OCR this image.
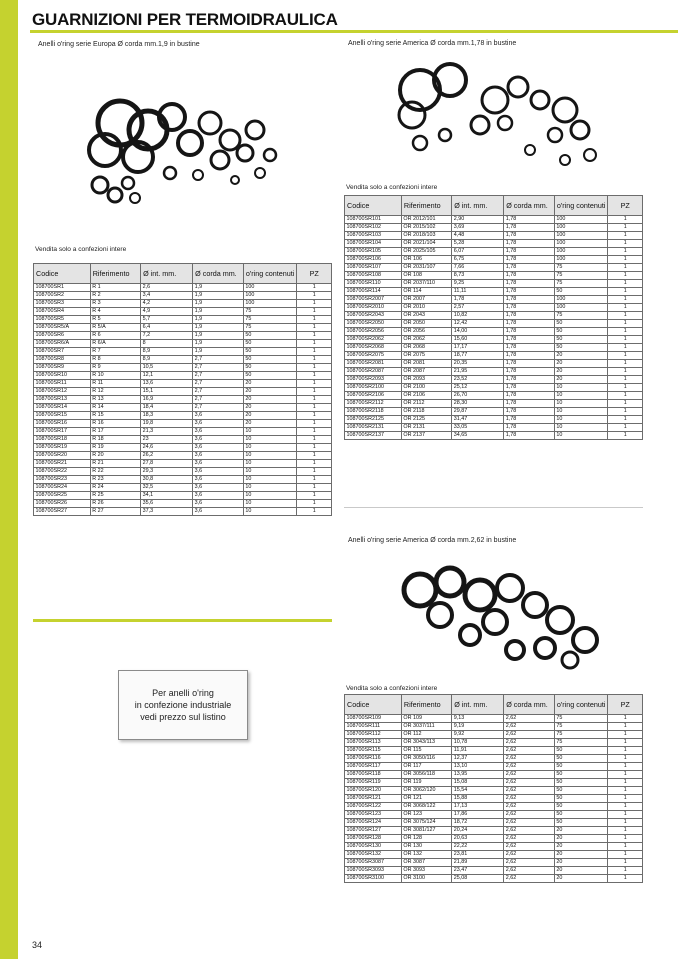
GUARNIZIONI PER TERMOIDRAULICA
Anelli o'ring serie Europa Ø corda mm.1,9 in bustine
Vendita solo a confezioni intere
Codice	Riferimento	Ø int. mm.	Ø corda mm.	o'ring contenuti	PZ
108700SR1	R 1	2,6	1,9	100	1
108700SR2	R 2	3,4	1,9	100	1
108700SR3	R 3	4,2	1,9	100	1
108700SR4	R 4	4,9	1,9	75	1
108700SR5	R 5	5,7	1,9	75	1
108700SR5/A	R 5/A	6,4	1,9	75	1
108700SR6	R 6	7,2	1,9	50	1
108700SR6/A	R 6/A	8	1,9	50	1
108700SR7	R 7	8,9	1,9	50	1
108700SR8	R 8	8,9	2,7	50	1
108700SR9	R 9	10,5	2,7	50	1
108700SR10	R 10	12,1	2,7	50	1
108700SR11	R 11	13,6	2,7	20	1
108700SR12	R 12	15,1	2,7	20	1
108700SR13	R 13	16,9	2,7	20	1
108700SR14	R 14	18,4	2,7	20	1
108700SR15	R 15	18,3	3,6	20	1
108700SR16	R 16	19,8	3,6	20	1
108700SR17	R 17	21,3	3,6	10	1
108700SR18	R 18	23	3,6	10	1
108700SR19	R 19	24,6	3,6	10	1
108700SR20	R 20	26,2	3,6	10	1
108700SR21	R 21	27,8	3,6	10	1
108700SR22	R 22	29,3	3,6	10	1
108700SR23	R 23	30,8	3,6	10	1
108700SR24	R 24	32,5	3,6	10	1
108700SR25	R 25	34,1	3,6	10	1
108700SR26	R 26	35,6	3,6	10	1
108700SR27	R 27	37,3	3,6	10	1
Per anelli o'ring
in confezione industriale
vedi prezzo sul listino
Anelli o'ring serie America Ø corda mm.1,78 in bustine
Vendita solo a confezioni intere
Codice	Riferimento	Ø int. mm.	Ø corda mm.	o'ring contenuti	PZ
108700SR101	OR 2012/101	2,90	1,78	100	1
108700SR102	OR 2015/102	3,69	1,78	100	1
108700SR103	OR 2018/103	4,48	1,78	100	1
108700SR104	OR 2021/104	5,28	1,78	100	1
108700SR105	OR 2025/105	6,07	1,78	100	1
108700SR106	OR 106	6,75	1,78	100	1
108700SR107	OR 2031/107	7,66	1,78	75	1
108700SR108	OR 108	8,73	1,78	75	1
108700SR110	OR 2037/110	9,25	1,78	75	1
108700SR114	OR 114	11,11	1,78	50	1
108700SR2007	OR 2007	1,78	1,78	100	1
108700SR2010	OR 2010	2,57	1,78	100	1
108700SR2043	OR 2043	10,82	1,78	75	1
108700SR2050	OR 2050	12,42	1,78	50	1
108700SR2056	OR 2056	14,00	1,78	50	1
108700SR2062	OR 2062	15,60	1,78	50	1
108700SR2068	OR 2068	17,17	1,78	50	1
108700SR2075	OR 2075	18,77	1,78	20	1
108700SR2081	OR 2081	20,35	1,78	20	1
108700SR2087	OR 2087	21,95	1,78	20	1
108700SR2093	OR 2093	23,52	1,78	20	1
108700SR2100	OR 2100	25,12	1,78	10	1
108700SR2106	OR 2106	26,70	1,78	10	1
108700SR2112	OR 2112	28,30	1,78	10	1
108700SR2118	OR 2118	29,87	1,78	10	1
108700SR2125	OR 2125	31,47	1,78	10	1
108700SR2131	OR 2131	33,05	1,78	10	1
108700SR2137	OR 2137	34,65	1,78	10	1
Anelli o'ring serie America Ø corda mm.2,62 in bustine
Vendita solo a confezioni intere
Codice	Riferimento	Ø int. mm.	Ø corda mm.	o'ring contenuti	PZ
108700SR109	OR 109	9,13	2,62	75	1
108700SR111	OR 3037/111	9,19	2,62	75	1
108700SR112	OR 112	9,92	2,62	75	1
108700SR113	OR 3043/113	10,78	2,62	75	1
108700SR115	OR 115	11,91	2,62	50	1
108700SR116	OR 3050/116	12,37	2,62	50	1
108700SR117	OR 117	13,10	2,62	50	1
108700SR118	OR 3056/118	13,95	2,62	50	1
108700SR119	OR 119	15,08	2,62	50	1
108700SR120	OR 3062/120	15,54	2,62	50	1
108700SR121	OR 121	15,88	2,62	50	1
108700SR122	OR 3068/122	17,13	2,62	50	1
108700SR123	OR 123	17,86	2,62	50	1
108700SR124	OR 3075/124	18,72	2,62	50	1
108700SR127	OR 3081/127	20,24	2,62	20	1
108700SR128	OR 128	20,63	2,62	20	1
108700SR130	OR 130	22,22	2,62	20	1
108700SR132	OR 132	23,81	2,62	20	1
108700SR3087	OR 3087	21,89	2,62	20	1
108700SR3093	OR 3093	23,47	2,62	20	1
108700SR3100	OR 3100	25,08	2,62	20	1
34
